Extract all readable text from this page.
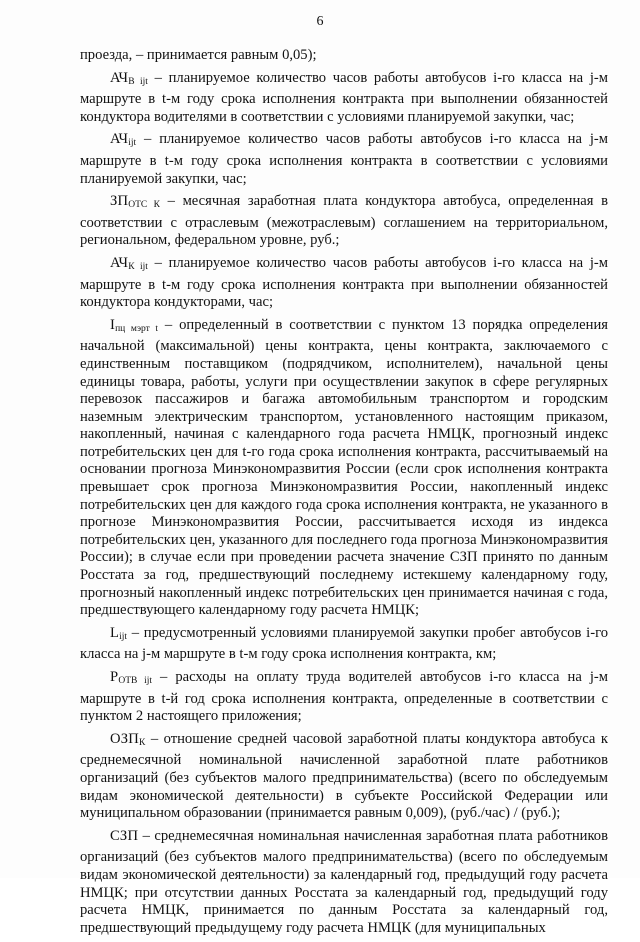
6

проезда, – принимается равным 0,05);

$АЧ_{В ijt}$ – планируемое количество часов работы автобусов i-го класса на j-м маршруте в t-м году срока исполнения контракта при выполнении обязанностей кондуктора водителями в соответствии с условиями планируемой закупки, час;

$АЧ_{ijt}$ – планируемое количество часов работы автобусов i-го класса на j-м маршруте в t-м году срока исполнения контракта в соответствии с условиями планируемой закупки, час;

$ЗП_{ОТС К}$ – месячная заработная плата кондуктора автобуса, определенная в соответствии с отраслевым (межотраслевым) соглашением на территориальном, региональном, федеральном уровне, руб.;

$АЧ_{К ijt}$ – планируемое количество часов работы автобусов i-го класса на j-м маршруте в t-м году срока исполнения контракта при выполнении обязанностей кондуктора кондукторами, час;

$I_{пц мэрт t}$ – определенный в соответствии с пунктом 13 порядка определения начальной (максимальной) цены контракта, цены контракта, заключаемого с единственным поставщиком (подрядчиком, исполнителем), начальной цены единицы товара, работы, услуги при осуществлении закупок в сфере регулярных перевозок пассажиров и багажа автомобильным транспортом и городским наземным электрическим транспортом, установленного настоящим приказом, накопленный, начиная с календарного года расчета НМЦК, прогнозный индекс потребительских цен для t-го года срока исполнения контракта, рассчитываемый на основании прогноза Минэкономразвития России (если срок исполнения контракта превышает срок прогноза Минэкономразвития России, накопленный индекс потребительских цен для каждого года срока исполнения контракта, не указанного в прогнозе Минэкономразвития России, рассчитывается исходя из индекса потребительских цен, указанного для последнего года прогноза Минэкономразвития России); в случае если при проведении расчета значение СЗП принято по данным Росстата за год, предшествующий последнему истекшему календарному году, прогнозный накопленный индекс потребительских цен принимается начиная с года, предшествующего календарному году расчета НМЦК;

$L_{ijt}$ – предусмотренный условиями планируемой закупки пробег автобусов i-го класса на j-м маршруте в t-м году срока исполнения контракта, км;

$Р_{ОТВ ijt}$ – расходы на оплату труда водителей автобусов i-го класса на j-м маршруте в t-й год срока исполнения контракта, определенные в соответствии с пунктом 2 настоящего приложения;

$ОЗП_К$ – отношение средней часовой заработной платы кондуктора автобуса к среднемесячной номинальной начисленной заработной плате работников организаций (без субъектов малого предпринимательства) (всего по обследуемым видам экономической деятельности) в субъекте Российской Федерации или муниципальном образовании (принимается равным 0,009), (руб./час) / (руб.);

СЗП – среднемесячная номинальная начисленная заработная плата работников организаций (без субъектов малого предпринимательства) (всего по обследуемым видам экономической деятельности) за календарный год, предыдущий году расчета НМЦК; при отсутствии данных Росстата за календарный год, предыдущий году расчета НМЦК, принимается по данным Росстата за календарный год, предшествующий предыдущему году расчета НМЦК (для муниципальных
